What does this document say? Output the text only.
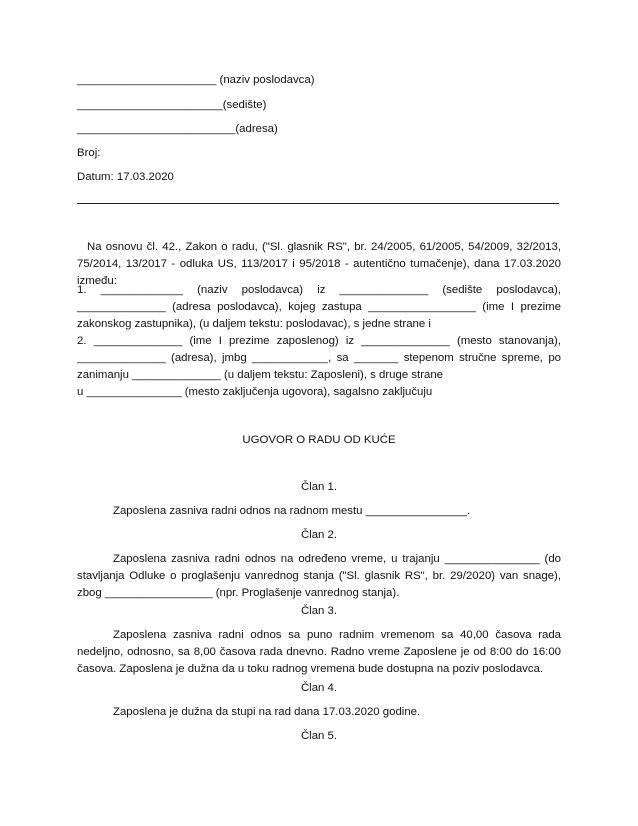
______________________ (naziv poslodavca)
_______________________(sedište)
_________________________(adresa)
Broj:
Datum: 17.03.2020

Na osnovu čl. 42., Zakon o radu, ("Sl. glasnik RS", br. 24/2005, 61/2005, 54/2009, 32/2013, 75/2014, 13/2017 - odluka US, 113/2017 i 95/2018 - autentično tumačenje), dana 17.03.2020 između:

1. _____________ (naziv poslodavca) iz ______________ (sedište poslodavca), ______________ (adresa poslodavca), kojeg zastupa _________________ (ime I prezime zakonskog zastupnika), (u daljem tekstu: poslodavac), s jedne strane i

2. ______________ (ime I prezime zaposlenog) iz ______________ (mesto stanovanja), ______________ (adresa), jmbg ____________, sa _______ stepenom stručne spreme, po zanimanju ______________ (u daljem tekstu: Zaposleni), s druge strane

u _______________ (mesto zaključenja ugovora), sagalsno zaključuju

UGOVOR O RADU OD KUĆE
Član 1.

Zaposlena zasniva radni odnos na radnom mestu ________________.

Član 2.

Zaposlena zasniva radni odnos na određeno vreme, u trajanju _______________ (do stavljanja Odluke o proglašenju vanrednog stanja ("Sl. glasnik RS", br. 29/2020) van snage), zbog _________________ (npr. Proglašenje vanrednog stanja).

Član 3.

Zaposlena zasniva radni odnos sa puno radnim vremenom sa 40,00 časova rada nedeljno, odnosno, sa 8,00 časova rada dnevno. Radno vreme Zaposlene je od 8:00 do 16:00 časova. Zaposlena je dužna da u toku radnog vremena bude dostupna na poziv poslodavca.

Član 4.

Zaposlena je dužna da stupi na rad dana 17.03.2020 godine.

Član 5.
